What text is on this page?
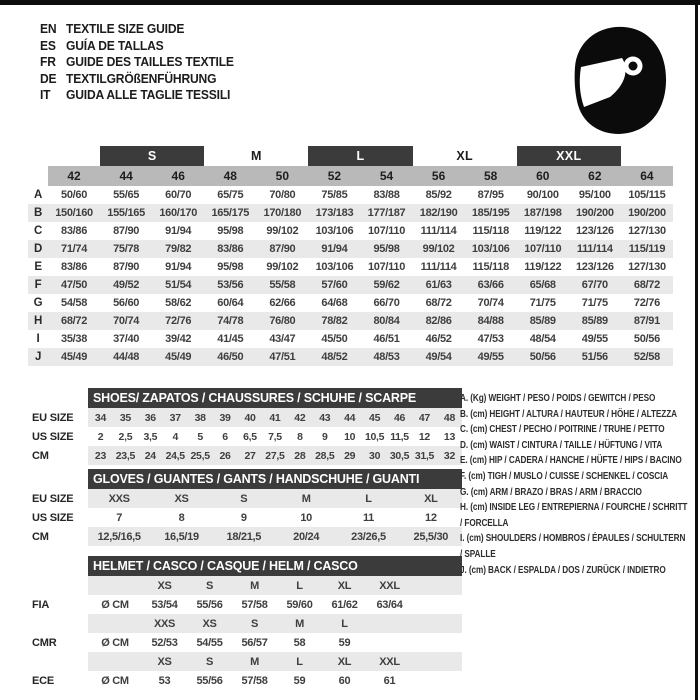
EN TEXTILE SIZE GUIDE
ES GUÍA DE TALLAS
FR GUIDE DES TAILLES TEXTILE
DE TEXTILGRÖßENFÜHRUNG
IT GUIDA ALLE TAGLIE TESSILI
		S		M		L		XL		XXL		
	42	44	46	48	50	52	54	56	58	60	62	64
A	50/60	55/65	60/70	65/75	70/80	75/85	83/88	85/92	87/95	90/100	95/100	105/115
B	150/160	155/165	160/170	165/175	170/180	173/183	177/187	182/190	185/195	187/198	190/200	190/200
C	83/86	87/90	91/94	95/98	99/102	103/106	107/110	111/114	115/118	119/122	123/126	127/130
D	71/74	75/78	79/82	83/86	87/90	91/94	95/98	99/102	103/106	107/110	111/114	115/119
E	83/86	87/90	91/94	95/98	99/102	103/106	107/110	111/114	115/118	119/122	123/126	127/130
F	47/50	49/52	51/54	53/56	55/58	57/60	59/62	61/63	63/66	65/68	67/70	68/72
G	54/58	56/60	58/62	60/64	62/66	64/68	66/70	68/72	70/74	71/75	71/75	72/76
H	68/72	70/74	72/76	74/78	76/80	78/82	80/84	82/86	84/88	85/89	85/89	87/91
I	35/38	37/40	39/42	41/45	43/47	45/50	46/51	46/52	47/53	48/54	49/55	50/56
J	45/49	44/48	45/49	46/50	47/51	48/52	48/53	49/54	49/55	50/56	51/56	52/58
SHOES/ ZAPATOS / CHAUSSURES / SCHUHE / SCARPE
EU SIZE	34	35	36	37	38	39	40	41	42	43	44	45	46	47	48
US SIZE	2	2,5	3,5	4	5	6	6,5	7,5	8	9	10	10,5	11,5	12	13
CM	23	23,5	24	24,5	25,5	26	27	27,5	28	28,5	29	30	30,5	31,5	32
GLOVES / GUANTES / GANTS / HANDSCHUHE / GUANTI
EU SIZE	XXS	XS	S	M	L	XL
US SIZE	7	8	9	10	11	12
CM	12,5/16,5	16,5/19	18/21,5	20/24	23/26,5	25,5/30
HELMET / CASCO / CASQUE / HELM / CASCO
		XS	S	M	L	XL	XXL	
FIA	Ø CM	53/54	55/56	57/58	59/60	61/62	63/64	
		XXS	XS	S	M	L		
CMR	Ø CM	52/53	54/55	56/57	58	59		
		XS	S	M	L	XL	XXL	
ECE	Ø CM	53	55/56	57/58	59	60	61	
A. (Kg) WEIGHT / PESO / POIDS / GEWITCH / PESO
B. (cm) HEIGHT / ALTURA / HAUTEUR / HÖHE / ALTEZZA
C. (cm) CHEST / PECHO / POITRINE / TRUHE / PETTO
D. (cm) WAIST / CINTURA / TAILLE / HÜFTUNG / VITA
E. (cm) HIP / CADERA / HANCHE / HÜFTE / HIPS / BACINO
F. (cm) TIGH / MUSLO / CUISSE / SCHENKEL / COSCIA
G. (cm) ARM / BRAZO / BRAS / ARM / BRACCIO
H. (cm) INSIDE LEG / ENTREPIERNA / FOURCHE / SCHRITT / FORCELLA
I. (cm) SHOULDERS / HOMBROS / ÉPAULES / SCHULTERN / SPALLE
J. (cm) BACK / ESPALDA / DOS / ZURÜCK / INDIETRO
